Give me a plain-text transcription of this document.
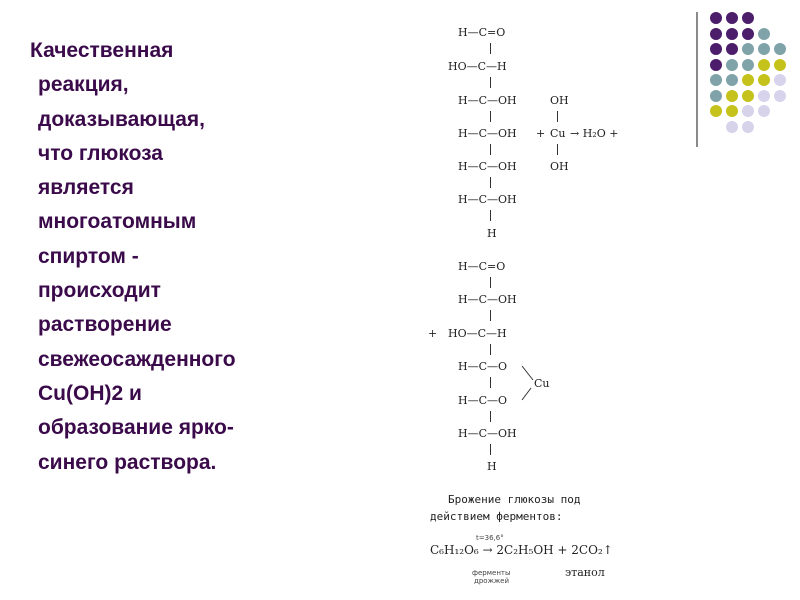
Качественная
реакция,
доказывающая,
что глюкоза
является
многоатомным
спиртом -
происходит
растворение
свежеосажденного
Cu(OH)2 и
образование ярко-
синего раствора.
H—C=O
HO—C—H
H—C—OH
H—C—OH
H—C—OH
H—C—OH
H
OH
+ Cu → H₂O +
OH
+
H—C=O
H—C—OH
HO—C—H
H—C—O
H—C—O
H—C—OH
H
Cu
Брожение глюкозы под
действием ферментов:
t=36,6°
C₆H₁₂O₆ → 2C₂H₅OH + 2CO₂↑
ферменты
дрожжей
этанол
